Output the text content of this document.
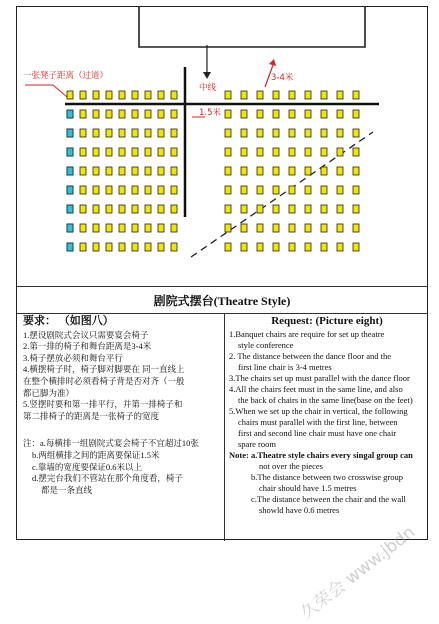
一张凳子距离（过道）	3-4米
中线
1.5米
剧院式摆台(Theatre Style)
要求： （如图八）

1.摆设剧院式会议只需要宴会椅子

2.第一排的椅子和舞台距离是3-4米

3.椅子摆放必须和舞台平行

4.横摆椅子时，椅子脚对脚要在 同一直线上

在整个横排时必须看椅子背是否对齐（一般

都已脚为准）

5.竖摆时要和第一排平行，并第一排椅子和

第二排椅子的距离是一张椅子的宽度

注：a.每横排一组剧院式宴会椅子不宜超过10张

b.两组横排之间的距离要保证1.5米

c.靠墙的宽度要保证0.6米以上

d.摆完台我们不管站在那个角度看，椅子

都是一条直线

Request: (Picture eight)

1.Banquet chairs are require for set up theatre

style conference

2. The distance between the dance floor and the

first line chair is 3-4 metres

3.The chairs set up must parallel with the dance floor

4.All the chairs feet must in the same line, and also

the back of chairs in the same line(base on the feet)

5.When we set up the chair in vertical, the following

chairs must parallel with the first line, between

first and second line chair must have one chair

spare room

Note: a.Theatre style chairs every singal group can

not over the pieces

b.The distance between two crosswise group

chair should have 1.5 metres

c.The distance between the chair and the wall

showld have 0.6 metres

久荣会 www.jbdn
